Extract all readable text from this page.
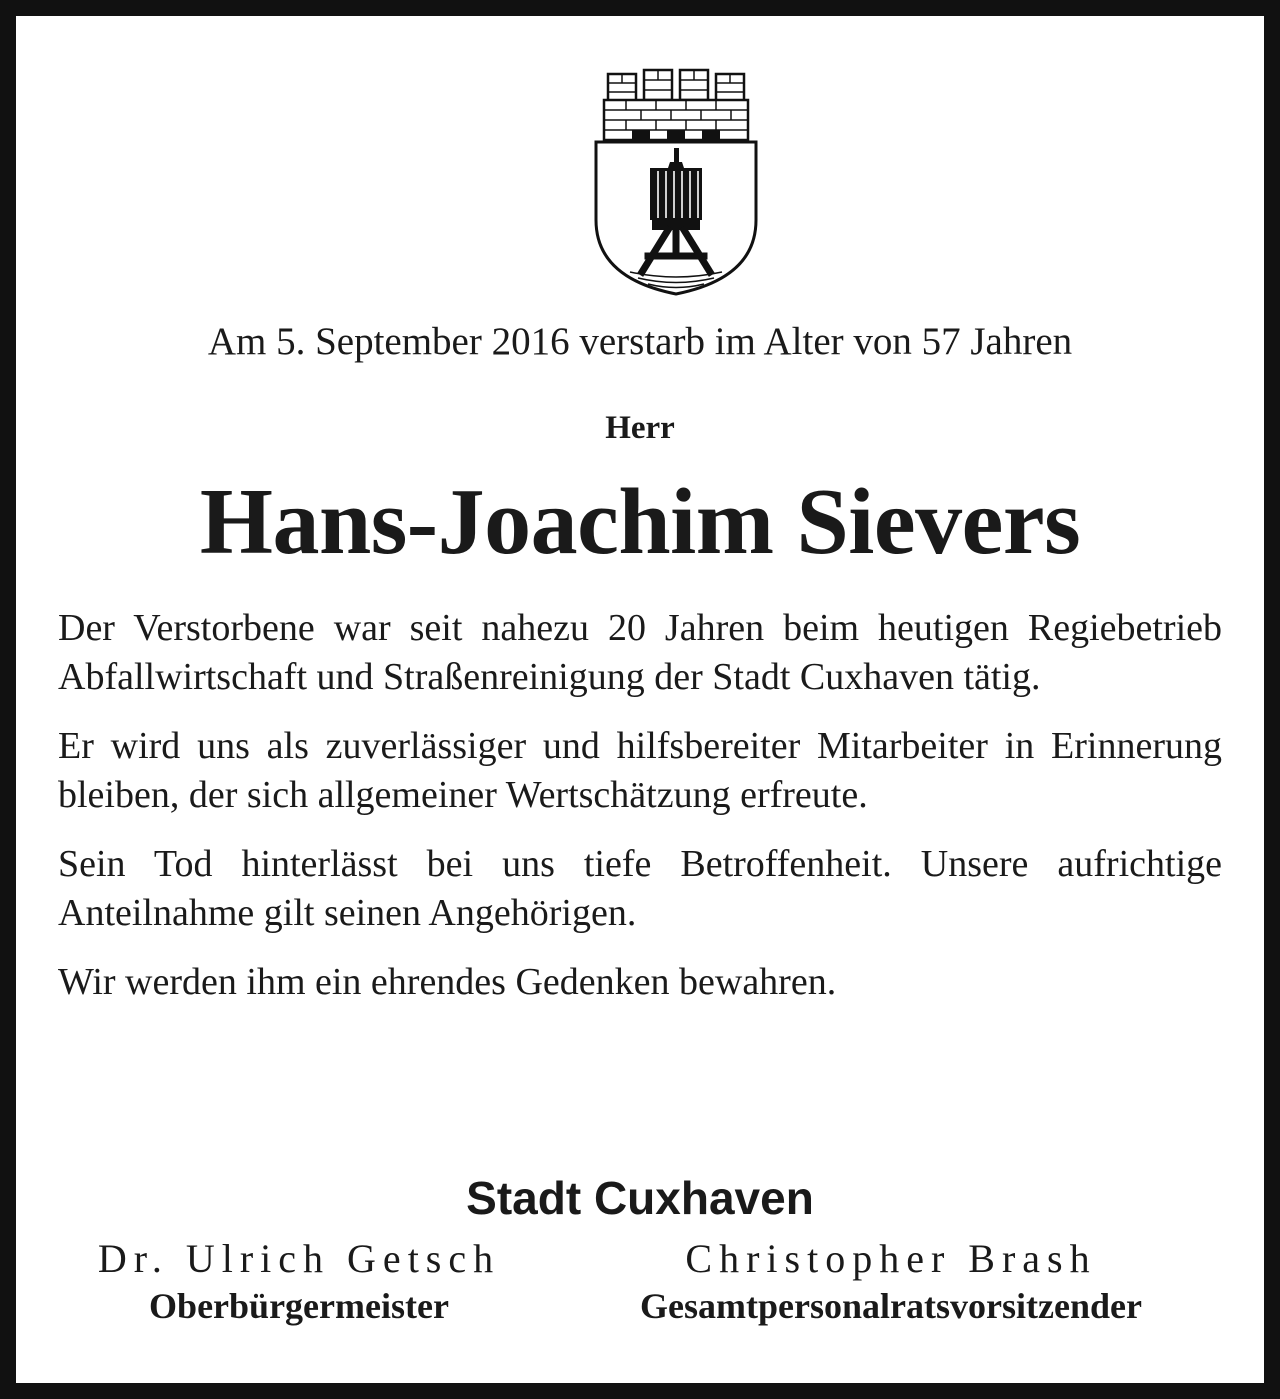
Am 5. September 2016 verstarb im Alter von 57 Jahren
Herr
Hans-Joachim Sievers

Der Verstorbene war seit nahezu 20 Jahren beim heutigen Regiebetrieb Abfallwirtschaft und Straßenreinigung der Stadt Cuxhaven tätig.

Er wird uns als zuverlässiger und hilfsbereiter Mitarbeiter in Erinnerung bleiben, der sich allgemeiner Wertschätzung erfreute.

Sein Tod hinterlässt bei uns tiefe Betroffenheit. Unsere aufrichtige Anteilnahme gilt seinen Angehörigen.

Wir werden ihm ein ehrendes Gedenken bewahren.

Stadt Cuxhaven
Dr. Ulrich Getsch
Oberbürgermeister
Christopher Brash
Gesamtpersonalratsvorsitzender
